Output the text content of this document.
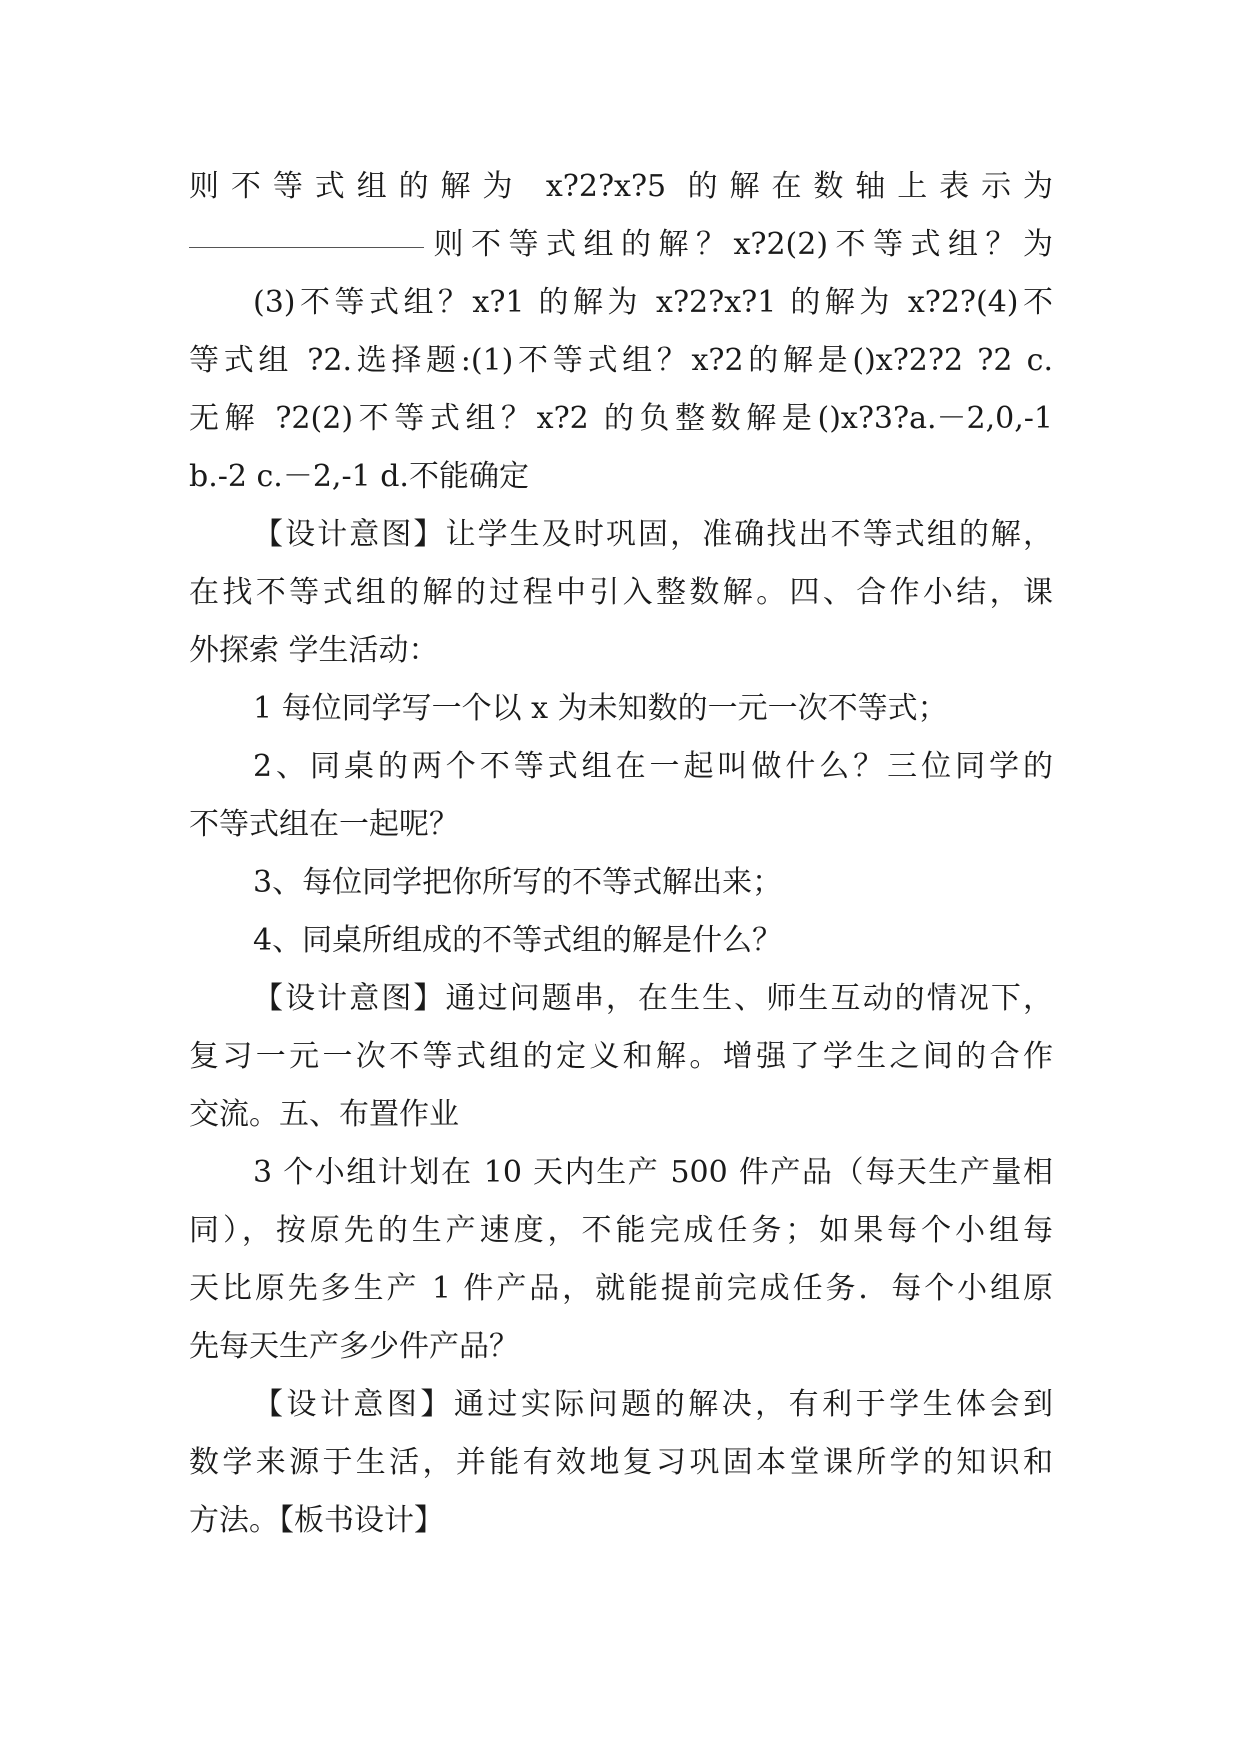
则不等式组的解为 x?2?x?5 的解在数轴上表示为
则不等式组的解？x?2(2)不等式组？为
(3)不等式组？x?1 的解为 x?2?x?1 的解为 x?2?(4)不
等式组 ?2.选择题:(1)不等式组？x?2的解是()x?2?2 ?2 c.
无解 ?2(2)不等式组？x?2 的负整数解是()x?3?a.－2,0,-1
b.-2 c.－2,-1 d.不能确定
【设计意图】让学生及时巩固，准确找出不等式组的解，
在找不等式组的解的过程中引入整数解。四、合作小结，课
外探索 学生活动：
1 每位同学写一个以 x 为未知数的一元一次不等式；
2、同桌的两个不等式组在一起叫做什么？三位同学的
不等式组在一起呢？
3、每位同学把你所写的不等式解出来；
4、同桌所组成的不等式组的解是什么？
【设计意图】通过问题串，在生生、师生互动的情况下，
复习一元一次不等式组的定义和解。增强了学生之间的合作
交流。五、布置作业
3 个小组计划在 10 天内生产 500 件产品（每天生产量相
同），按原先的生产速度，不能完成任务；如果每个小组每
天比原先多生产 1 件产品，就能提前完成任务．每个小组原
先每天生产多少件产品？
【设计意图】通过实际问题的解决，有利于学生体会到
数学来源于生活，并能有效地复习巩固本堂课所学的知识和
方法。【板书设计】
